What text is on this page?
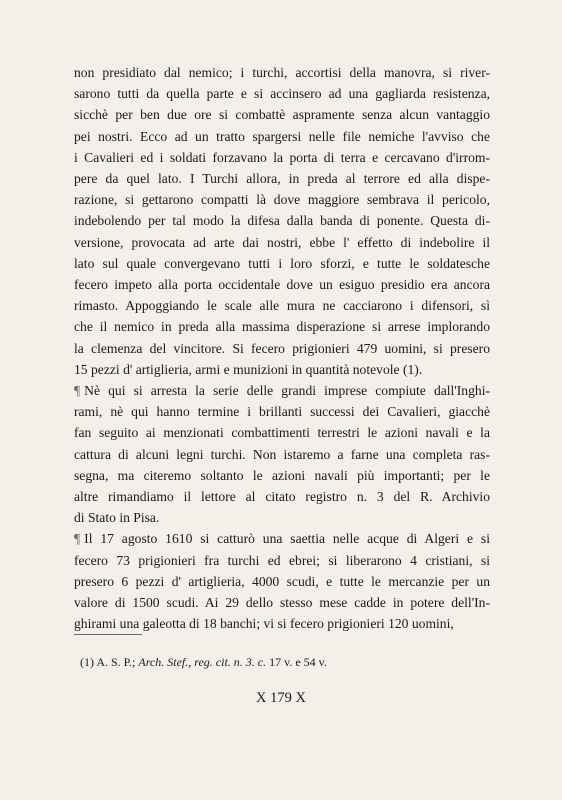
non presidiato dal nemico; i turchi, accortisi della manovra, si river-
sarono tutti da quella parte e si accinsero ad una gagliarda resistenza,
sicchè per ben due ore si combattè aspramente senza alcun vantaggio
pei nostri. Ecco ad un tratto spargersi nelle file nemiche l'avviso che
i Cavalieri ed i soldati forzavano la porta di terra e cercavano d'irrom-
pere da quel lato. I Turchi allora, in preda al terrore ed alla dispe-
razione, si gettarono compatti là dove maggiore sembrava il pericolo,
indebolendo per tal modo la difesa dalla banda di ponente. Questa di-
versione, provocata ad arte dai nostri, ebbe l' effetto di indebolire il
lato sul quale convergevano tutti i loro sforzi, e tutte le soldatesche
fecero impeto alla porta occidentale dove un esiguo presidio era ancora
rimasto. Appoggiando le scale alle mura ne cacciarono i difensori, sì
che il nemico in preda alla massima disperazione si arrese implorando
la clemenza del vincitore. Si fecero prigionieri 479 uomini, si presero
15 pezzi d' artiglieria, armi e munizioni in quantità notevole (1).
¶ Nè qui si arresta la serie delle grandi imprese compiute dall'Inghi-
rami, nè qui hanno termine i brillanti successi dei Cavalieri, giacchè
fan seguito ai menzionati combattimenti terrestri le azioni navali e la
cattura di alcuni legni turchi. Non istaremo a farne una completa ras-
segna, ma citeremo soltanto le azioni navali più importanti; per le
altre rimandiamo il lettore al citato registro n. 3 del R. Archivio
di Stato in Pisa.
¶ Il 17 agosto 1610 si catturò una saettia nelle acque di Algeri e si
fecero 73 prigionieri fra turchi ed ebrei; si liberarono 4 cristiani, si
presero 6 pezzi d' artiglieria, 4000 scudi, e tutte le mercanzie per un
valore di 1500 scudi. Ai 29 dello stesso mese cadde in potere dell'In-
ghirami una galeotta di 18 banchi; vi si fecero prigionieri 120 uomini,
(1) A. S. P.; Arch. Stef., reg. cit. n. 3. c. 17 v. e 54 v.
X 179 X
